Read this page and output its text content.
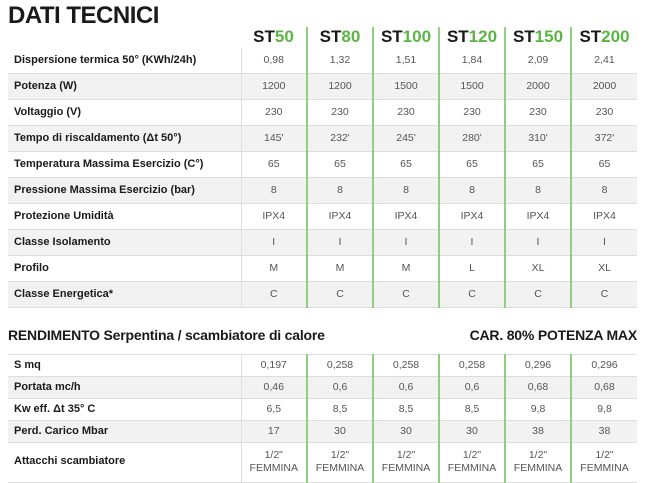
DATI TECNICI
	ST50	ST80	ST100	ST120	ST150	ST200
Dispersione termica 50° (KWh/24h)	0,98	1,32	1,51	1,84	2,09	2,41
Potenza (W)	1200	1200	1500	1500	2000	2000
Voltaggio (V)	230	230	230	230	230	230
Tempo di riscaldamento (Δt 50°)	145'	232'	245'	280'	310'	372'
Temperatura Massima Esercizio (C°)	65	65	65	65	65	65
Pressione Massima Esercizio (bar)	8	8	8	8	8	8
Protezione Umidità	IPX4	IPX4	IPX4	IPX4	IPX4	IPX4
Classe Isolamento	I	I	I	I	I	I
Profilo	M	M	M	L	XL	XL
Classe Energetica*	C	C	C	C	C	C
RENDIMENTO Serpentina / scambiatore di calore	CAR. 80% POTENZA MAX
S mq	0,197	0,258	0,258	0,258	0,296	0,296
Portata mc/h	0,46	0,6	0,6	0,6	0,68	0,68
Kw eff. Δt 35° C	6,5	8,5	8,5	8,5	9,8	9,8
Perd. Carico Mbar	17	30	30	30	38	38
Attacchi scambiatore	1/2" FEMMINA	1/2" FEMMINA	1/2" FEMMINA	1/2" FEMMINA	1/2" FEMMINA	1/2" FEMMINA
